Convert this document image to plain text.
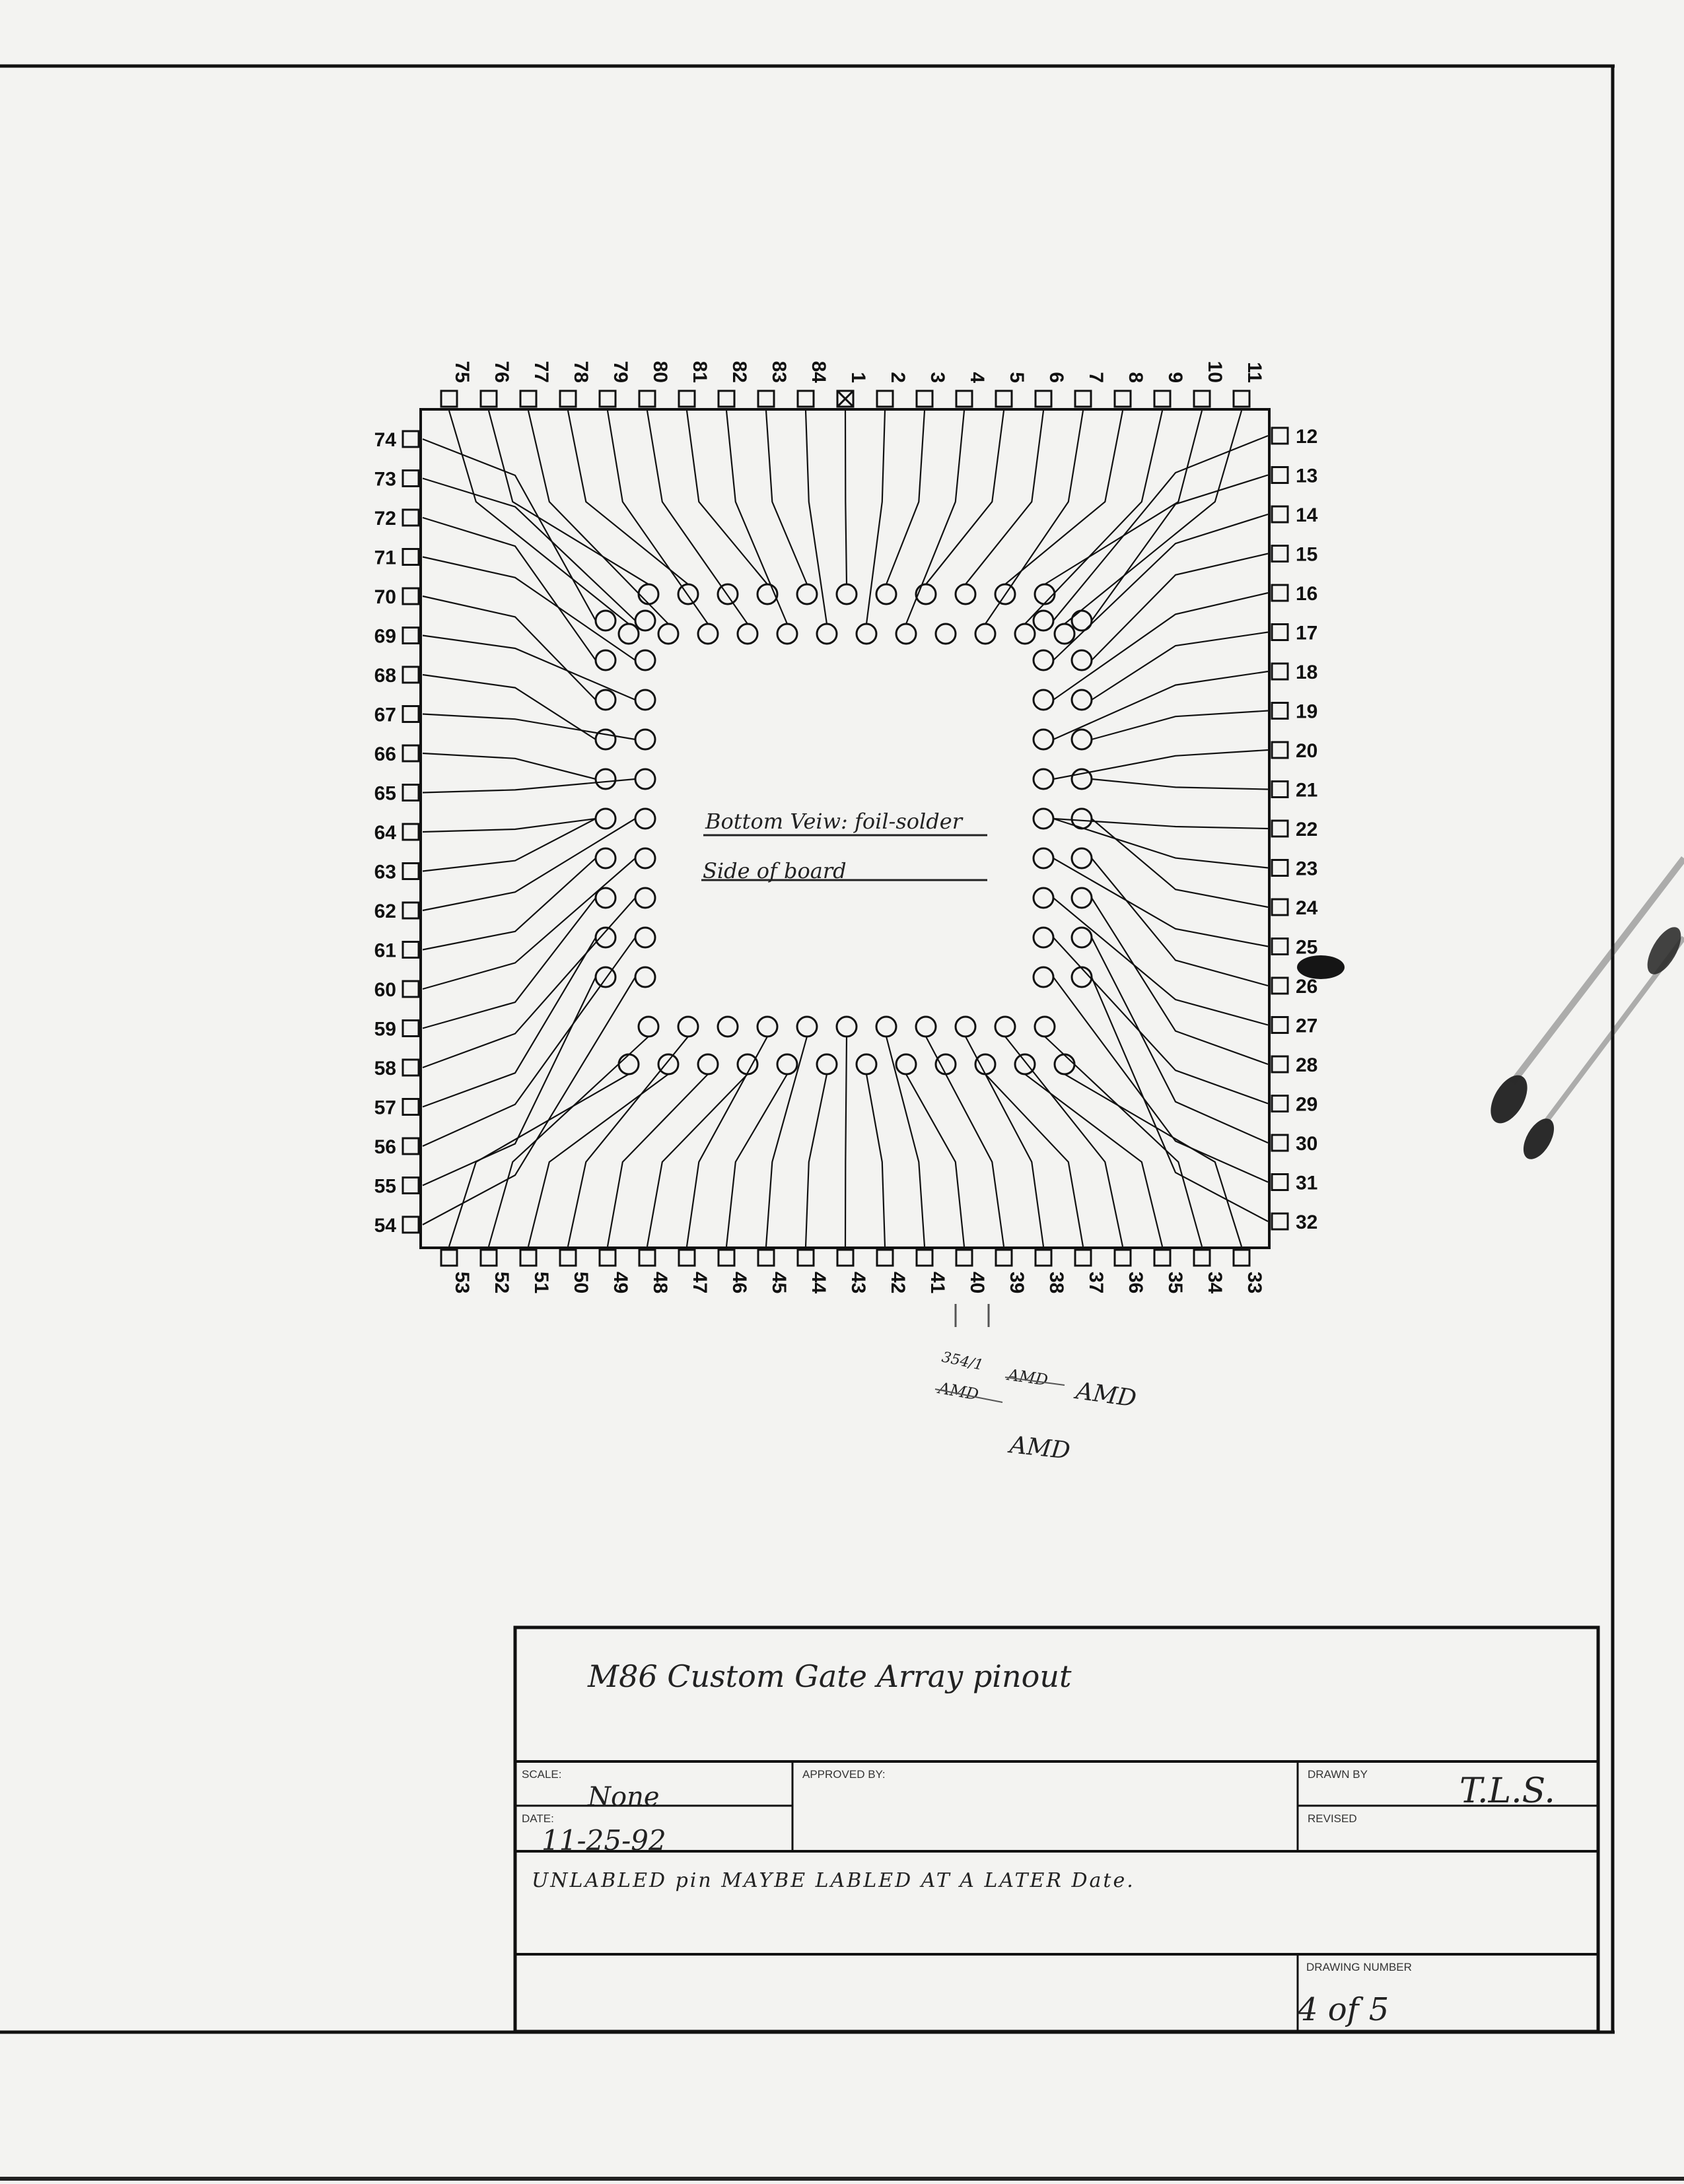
75 76 77 78 79 80 81 82 83 84 1 2 3 4 5 6 7 8 9 10 11
53 52 51 50 49 48 47 46 45 44 43 42 41 40 39 38 37 36 35 34 33
74
73
72
71
70
69
68
67
66
65
64
63
62
61
60
59
58
57
56
55
54
12
13
14
15
16
17
18
19
20
21
22
23
24
25
26
27
28
29
30
31
32
Bottom Veiw: foil-solder
Side of board
354/1
AMD AMD
AMD
AMD
M86 Custom Gate Array pinout
SCALE:
None
DATE:
11-25-92
APPROVED BY:	DRAWN BY	T.L.S.
REVISED
UNLABLED pin MAYBE LABLED AT A LATER Date.
DRAWING NUMBER
4 of 5
